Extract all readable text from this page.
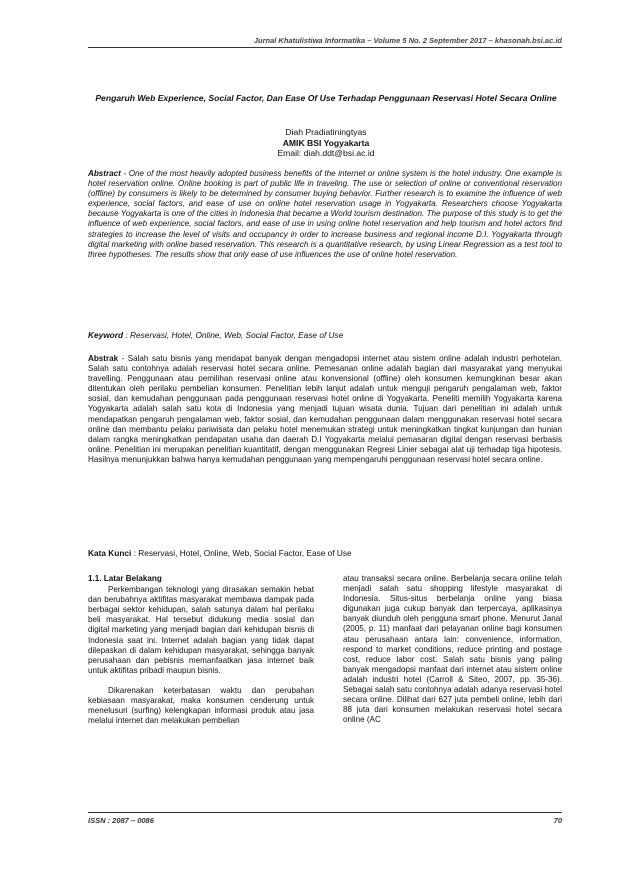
Jurnal Khatulistiwa Informatika – Volume 5 No. 2 September 2017 – khasonah.bsi.ac.id
Pengaruh Web Experience, Social Factor, Dan Ease Of Use Terhadap Penggunaan Reservasi Hotel Secara Online
Diah Pradiatiningtyas
AMIK BSI Yogyakarta
Email: diah.ddt@bsi.ac.id
Abstract - One of the most heavily adopted business benefits of the internet or online system is the hotel industry. One example is hotel reservation online. Online booking is part of public life in traveling. The use or selection of online or conventional reservation (offline) by consumers is likely to be determined by consumer buying behavior. Further research is to examine the influence of web experience, social factors, and ease of use on online hotel reservation usage in Yogyakarta. Researchers choose Yogyakarta because Yogyakarta is one of the cities in Indonesia that became a World tourism destination. The purpose of this study is to get the influence of web experience, social factors, and ease of use in using online hotel reservation and help tourism and hotel actors find strategies to increase the level of visits and occupancy in order to increase business and regional income D.I. Yogyakarta through digital marketing with online based reservation. This research is a quantitative research, by using Linear Regression as a test tool to three hypotheses. The results show that only ease of use influences the use of online hotel reservation.
Keyword : Reservasi, Hotel, Online, Web, Social Factor, Ease of Use
Abstrak - Salah satu bisnis yang mendapat banyak dengan mengadopsi internet atau sistem online adalah industri perhotelan. Salah satu contohnya adalah reservasi hotel secara online. Pemesanan online adalah bagian dari masyarakat yang menyukai travelling. Penggunaan atau pemilihan reservasi online atau konvensional (offline) oleh konsumen kemungkinan besar akan ditentukan oleh perilaku pembelian konsumen. Penelitian lebih lanjut adalah untuk menguji pengaruh pengalaman web, faktor sosial, dan kemudahan penggunaan pada penggunaan reservasi hotel online di Yogyakarta. Peneliti memilih Yogyakarta karena Yogyakarta adalah salah satu kota di Indonesia yang menjadi tujuan wisata dunia. Tujuan dari penelitian ini adalah untuk mendapatkan pengaruh pengalaman web, faktor sosial, dan kemudahan penggunaan dalam menggunakan reservasi hotel secara online dan membantu pelaku pariwisata dan pelaku hotel menemukan strategi untuk meningkatkan tingkat kunjungan dan hunian dalam rangka meningkatkan pendapatan usaha dan daerah D.I Yogyakarta melalui pemasaran digital dengan reservasi berbasis online. Penelitian ini merupakan penelitian kuantitatif, dengan menggunakan Regresi Linier sebagai alat uji terhadap tiga hipotesis. Hasilnya menunjukkan bahwa hanya kemudahan penggunaan yang mempengaruhi penggunaan reservasi hotel secara online.
Kata Kunci : Reservasi, Hotel, Online, Web, Social Factor, Ease of Use
1.1. Latar Belakang

Perkembangan teknologi yang dirasakan semakin hebat dan berubahnya aktifitas masyarakat membawa dampak pada berbagai sektor kehidupan, salah satunya dalam hal perilaku beli masyarakat. Hal tersebut didukung media sosial dan digital marketing yang menjadi bagian dari kehidupan bisnis di Indonesia saat ini. Internet adalah bagian yang tidak dapat dilepaskan di dalam kehidupan masyarakat, sehingga banyak perusahaan dan pebisnis memanfaatkan jasa internet baik untuk aktifitas pribadi maupun bisnis.

Dikarenakan keterbatasan waktu dan perubahan kebiasaan masyarakat, maka konsumen cenderung untuk menelusuri (surfing) kelengkapan informasi produk atau jasa melalui internet dan melakukan pembelian

atau transaksi secara online. Berbelanja secara online telah menjadi salah satu shopping lifestyle masyarakat di Indonesia. Situs-situs berbelanja online yang biasa digunakan juga cukup banyak dan terpercaya, aplikasinya banyak diunduh oleh pengguna smart phone. Menurut Janal (2005, p. 11) manfaat dari pelayanan online bagi konsumen atau perusahaan antara lain: convenience, information, respond to market conditions, reduce printing and postage cost, reduce labor cost. Salah satu bisnis yang paling banyak mengadopsi manfaat dari internet atau sistem online adalah industri hotel (Carroll & Siteo, 2007, pp. 35-36). Sebagai salah satu contohnya adalah adanya reservasi hotel secara online. Dilihat dari 627 juta pembeli online, lebih dari 88 juta dari konsumen melakukan reservasi hotel secara online (AC

ISSN : 2087 – 0086	70
